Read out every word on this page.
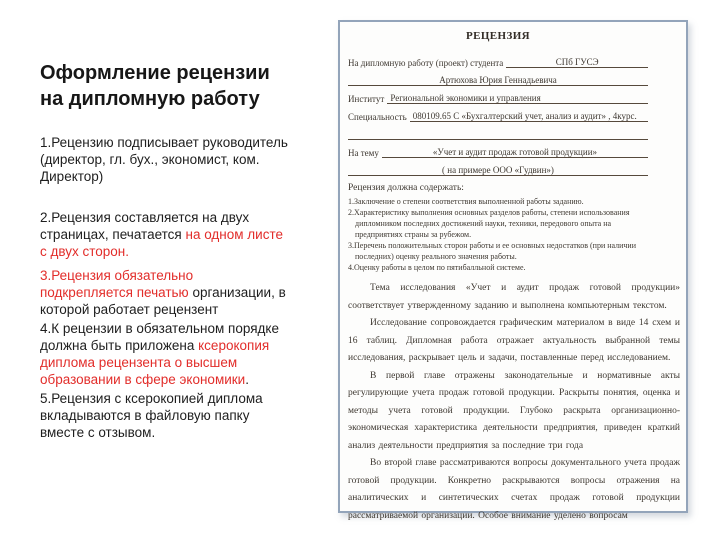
Оформление рецензии
на дипломную работу

1.Рецензию подписывает руководитель (директор, гл. бух., экономист, ком. Директор)

2.Рецензия составляется на двух страницах, печатается на одном листе с двух сторон.

3.Рецензия обязательно подкрепляется печатью организации, в которой работает рецензент

4.К рецензии в обязательном порядке должна быть приложена ксерокопия диплома рецензента о высшем образовании в сфере экономики.

5.Рецензия с ксерокопией диплома вкладываются в файловую папку вместе с отзывом.

РЕЦЕНЗИЯ
На дипломную работу (проект) студента	СПб ГУСЭ
Артюхова Юрия Геннадьевича
Институт Региональной экономики и управления
Специальность 080109.65 С «Бухгалтерский учет, анализ и аудит» , 4курс.
На тему	«Учет и аудит продаж готовой продукции»
( на примере ООО «Гудвин»)
Рецензия должна содержать:
1.Заключение о степени соответствия выполненной работы заданию.
2.Характеристику выполнения основных разделов работы, степени использования дипломником последних достижений науки, техники, передового опыта на предприятиях страны за рубежом.
3.Перечень положительных сторон работы и ее основных недостатков (при наличии последних) оценку реального значения работы.
4.Оценку работы в целом по пятибалльной системе.

Тема исследования «Учет и аудит продаж готовой продукции» соответствует утвержденному заданию и выполнена компьютерным текстом.

Исследование сопровождается графическим материалом в виде 14 схем и 16 таблиц. Дипломная работа отражает актуальность выбранной темы исследования, раскрывает цель и задачи, поставленные перед исследованием.

В первой главе отражены законодательные и нормативные акты регулирующие учета продаж готовой продукции. Раскрыты понятия, оценка и методы учета готовой продукции. Глубоко раскрыта организационно-экономическая характеристика деятельности предприятия, приведен краткий анализ деятельности предприятия за последние три года

Во второй главе рассматриваются вопросы документального учета продаж готовой продукции. Конкретно раскрываются вопросы отражения на аналитических и синтетических счетах продаж готовой продукции рассматриваемой организации. Особое внимание уделено вопросам
